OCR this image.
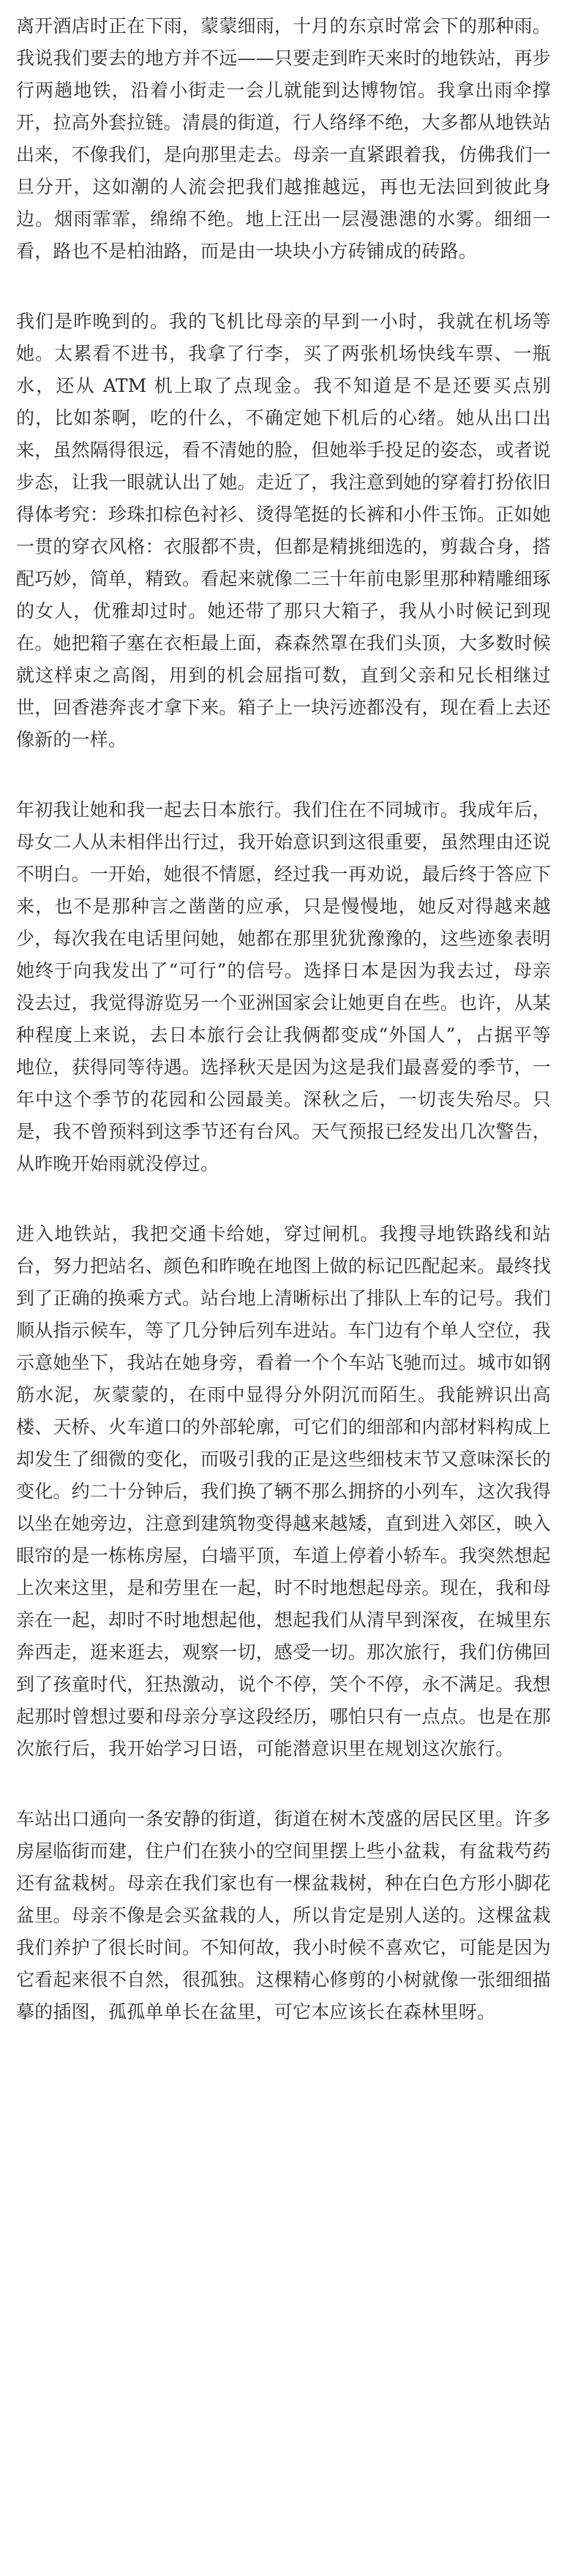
离开酒店时正在下雨，蒙蒙细雨，十月的东京时常会下的那种雨。我说我们要去的地方并不远——只要走到昨天来时的地铁站，再步行两趟地铁，沿着小街走一会儿就能到达博物馆。我拿出雨伞撑开，拉高外套拉链。清晨的街道，行人络绎不绝，大多都从地铁站出来，不像我们，是向那里走去。母亲一直紧跟着我，仿佛我们一旦分开，这如潮的人流会把我们越推越远，再也无法回到彼此身边。烟雨霏霏，绵绵不绝。地上汪出一层漫漶漶的水雾。细细一看，路也不是柏油路，而是由一块块小方砖铺成的砖路。

我们是昨晚到的。我的飞机比母亲的早到一小时，我就在机场等她。太累看不进书，我拿了行李，买了两张机场快线车票、一瓶水，还从 ATM 机上取了点现金。我不知道是不是还要买点别的，比如茶啊，吃的什么，不确定她下机后的心绪。她从出口出来，虽然隔得很远，看不清她的脸，但她举手投足的姿态，或者说步态，让我一眼就认出了她。走近了，我注意到她的穿着打扮依旧得体考究：珍珠扣棕色衬衫、烫得笔挺的长裤和小件玉饰。正如她一贯的穿衣风格：衣服都不贵，但都是精挑细选的，剪裁合身，搭配巧妙，简单，精致。看起来就像二三十年前电影里那种精雕细琢的女人，优雅却过时。她还带了那只大箱子，我从小时候记到现在。她把箱子塞在衣柜最上面，森森然罩在我们头顶，大多数时候就这样束之高阁，用到的机会屈指可数，直到父亲和兄长相继过世，回香港奔丧才拿下来。箱子上一块污迹都没有，现在看上去还像新的一样。

年初我让她和我一起去日本旅行。我们住在不同城市。我成年后，母女二人从未相伴出行过，我开始意识到这很重要，虽然理由还说不明白。一开始，她很不情愿，经过我一再劝说，最后终于答应下来，也不是那种言之凿凿的应承，只是慢慢地，她反对得越来越少，每次我在电话里问她，她都在那里犹犹豫豫的，这些迹象表明她终于向我发出了“可行”的信号。选择日本是因为我去过，母亲没去过，我觉得游览另一个亚洲国家会让她更自在些。也许，从某种程度上来说，去日本旅行会让我俩都变成“外国人”，占据平等地位，获得同等待遇。选择秋天是因为这是我们最喜爱的季节，一年中这个季节的花园和公园最美。深秋之后，一切丧失殆尽。只是，我不曾预料到这季节还有台风。天气预报已经发出几次警告，从昨晚开始雨就没停过。

进入地铁站，我把交通卡给她，穿过闸机。我搜寻地铁路线和站台，努力把站名、颜色和昨晚在地图上做的标记匹配起来。最终找到了正确的换乘方式。站台地上清晰标出了排队上车的记号。我们顺从指示候车，等了几分钟后列车进站。车门边有个单人空位，我示意她坐下，我站在她身旁，看着一个个车站飞驰而过。城市如钢筋水泥，灰蒙蒙的，在雨中显得分外阴沉而陌生。我能辨识出高楼、天桥、火车道口的外部轮廓，可它们的细部和内部材料构成上却发生了细微的变化，而吸引我的正是这些细枝末节又意味深长的变化。约二十分钟后，我们换了辆不那么拥挤的小列车，这次我得以坐在她旁边，注意到建筑物变得越来越矮，直到进入郊区，映入眼帘的是一栋栋房屋，白墙平顶，车道上停着小轿车。我突然想起上次来这里，是和劳里在一起，时不时地想起母亲。现在，我和母亲在一起，却时不时地想起他，想起我们从清早到深夜，在城里东奔西走，逛来逛去，观察一切，感受一切。那次旅行，我们仿佛回到了孩童时代，狂热激动，说个不停，笑个不停，永不满足。我想起那时曾想过要和母亲分享这段经历，哪怕只有一点点。也是在那次旅行后，我开始学习日语，可能潜意识里在规划这次旅行。

车站出口通向一条安静的街道，街道在树木茂盛的居民区里。许多房屋临街而建，住户们在狭小的空间里摆上些小盆栽，有盆栽芍药还有盆栽树。母亲在我们家也有一棵盆栽树，种在白色方形小脚花盆里。母亲不像是会买盆栽的人，所以肯定是别人送的。这棵盆栽我们养护了很长时间。不知何故，我小时候不喜欢它，可能是因为它看起来很不自然，很孤独。这棵精心修剪的小树就像一张细细描摹的插图，孤孤单单长在盆里，可它本应该长在森林里呀。
